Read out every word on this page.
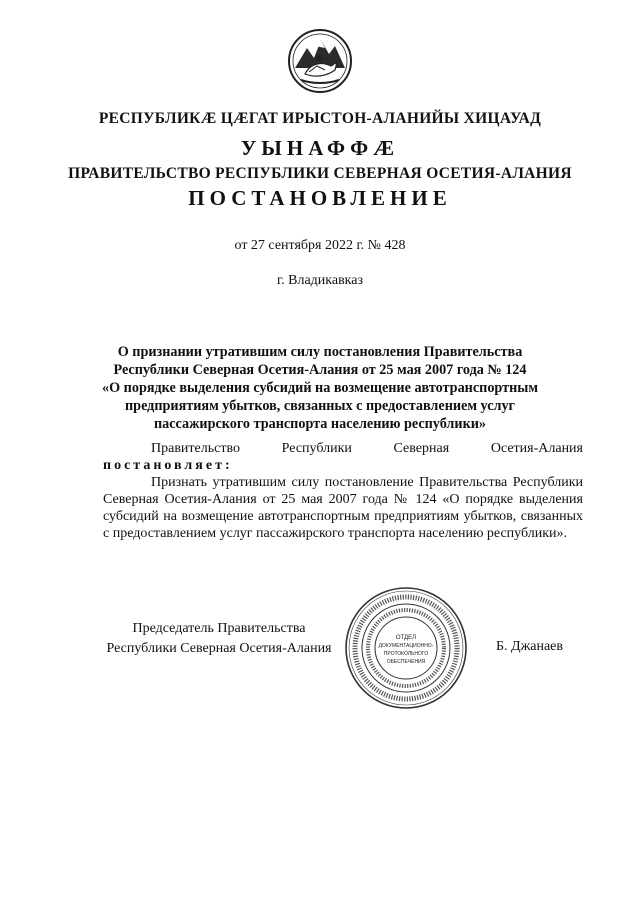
РЕСПУБЛИКӔ ЦӔГАТ ИРЫСТОН-АЛАНИЙЫ ХИЦАУАД
УЫНАФФӔ
ПРАВИТЕЛЬСТВО РЕСПУБЛИКИ СЕВЕРНАЯ ОСЕТИЯ-АЛАНИЯ
ПОСТАНОВЛЕНИЕ
от 27 сентября 2022 г. № 428
г. Владикавказ
О признании утратившим силу постановления Правительства
Республики Северная Осетия-Алания от 25 мая 2007 года № 124
«О порядке выделения субсидий на возмещение автотранспортным
предприятиям убытков, связанных с предоставлением услуг
пассажирского транспорта населению республики»
Правительство Республики Северная Осетия-Алания
постановляет:
Признать утратившим силу постановление Правительства Республики Северная Осетия-Алания от 25 мая 2007 года № 124 «О порядке выделения субсидий на возмещение автотранспортным предприятиям убытков, связанных с предоставлением услуг пассажирского транспорта населению республики».
Председатель Правительства
Республики Северная Осетия-Алания
ОТДЕЛ
ДОКУМЕНТАЦИОННО-
ПРОТОКОЛЬНОГО
ОБЕСПЕЧЕНИЯ
Б. Джанаев
